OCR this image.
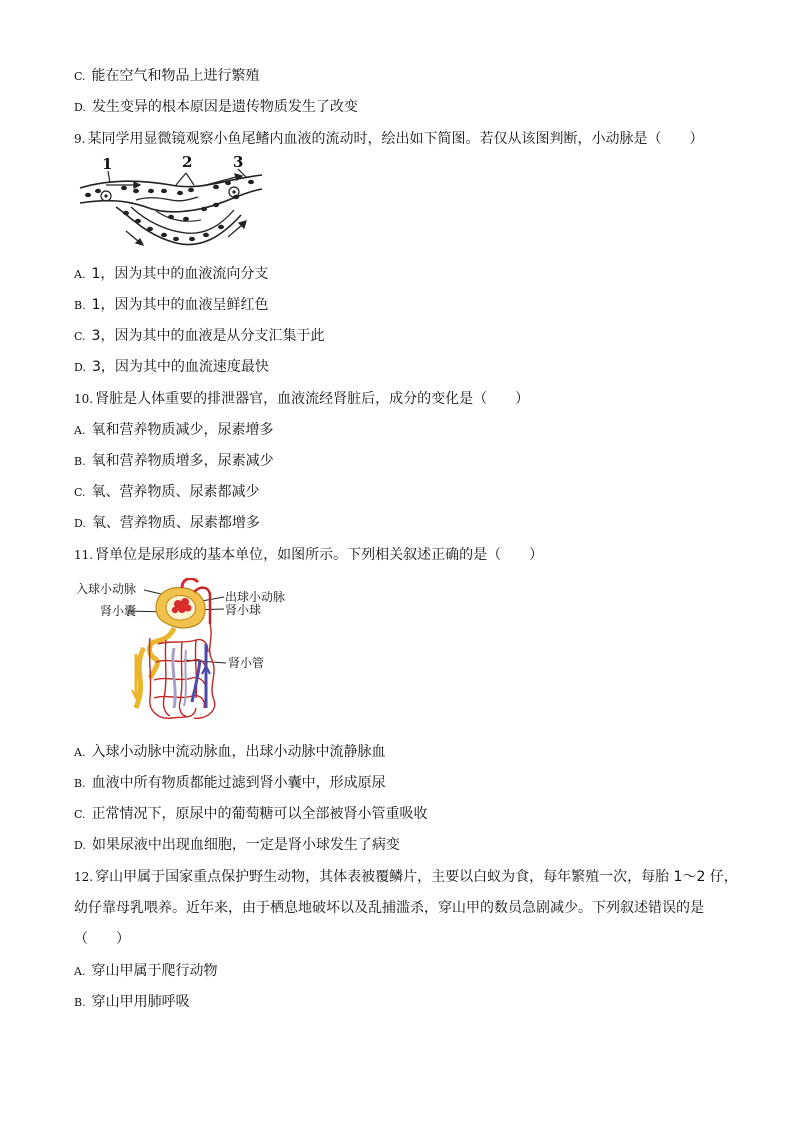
C. 能在空气和物品上进行繁殖
D. 发生变异的根本原因是遗传物质发生了改变
9. 某同学用显微镜观察小鱼尾鳍内血液的流动时，绘出如下简图。若仅从该图判断，小动脉是（　　）
1	2	3
A. 1，因为其中的血液流向分支
B. 1，因为其中的血液呈鲜红色
C. 3，因为其中的血液是从分支汇集于此
D. 3，因为其中的血流速度最快
10. 肾脏是人体重要的排泄器官，血液流经肾脏后，成分的变化是（　　）
A. 氧和营养物质减少，尿素增多
B. 氧和营养物质增多，尿素减少
C. 氧、营养物质、尿素都减少
D. 氧、营养物质、尿素都增多
11. 肾单位是尿形成的基本单位，如图所示。下列相关叙述正确的是（　　）
入球小动脉
出球小动脉
肾小囊	肾小球
肾小管
A. 入球小动脉中流动脉血，出球小动脉中流静脉血
B. 血液中所有物质都能过滤到肾小囊中，形成原尿
C. 正常情况下，原尿中的葡萄糖可以全部被肾小管重吸收
D. 如果尿液中出现血细胞，一定是肾小球发生了病变
12. 穿山甲属于国家重点保护野生动物，其体表被覆鳞片，主要以白蚁为食，每年繁殖一次，每胎 1～2 仔，
幼仔靠母乳喂养。近年来，由于栖息地破坏以及乱捕滥杀，穿山甲的数员急剧减少。下列叙述错误的是
（　　）
A. 穿山甲属于爬行动物
B. 穿山甲用肺呼吸
